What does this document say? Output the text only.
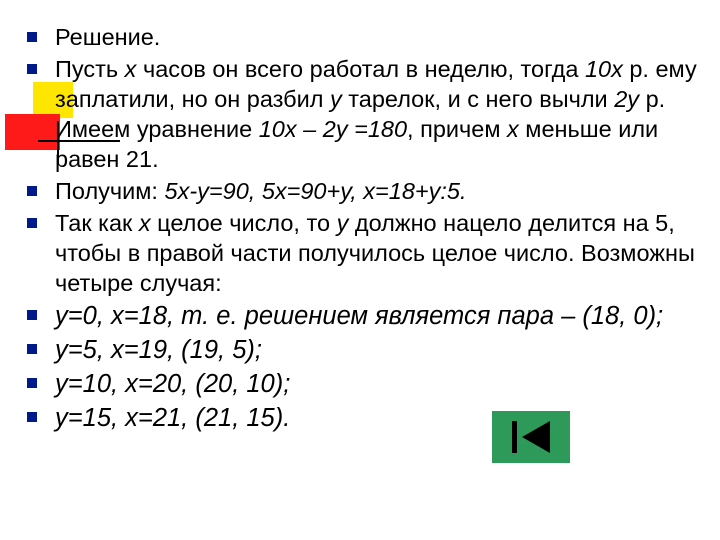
Решение.
Пусть x часов он всего работал в неделю, тогда 10x р. ему заплатили, но он разбил y тарелок, и с него вычли 2y р. Имеем уравнение 10x – 2y =180, причем x меньше или равен 21.
Получим: 5x-y=90, 5x=90+y, x=18+y:5.
Так как x целое число, то y должно нацело делится на 5, чтобы в правой части получилось целое число. Возможны четыре случая:
y=0, x=18, т. е. решением является пара – (18, 0);
y=5, x=19, (19, 5);
y=10, x=20, (20, 10);
y=15, x=21, (21, 15).
